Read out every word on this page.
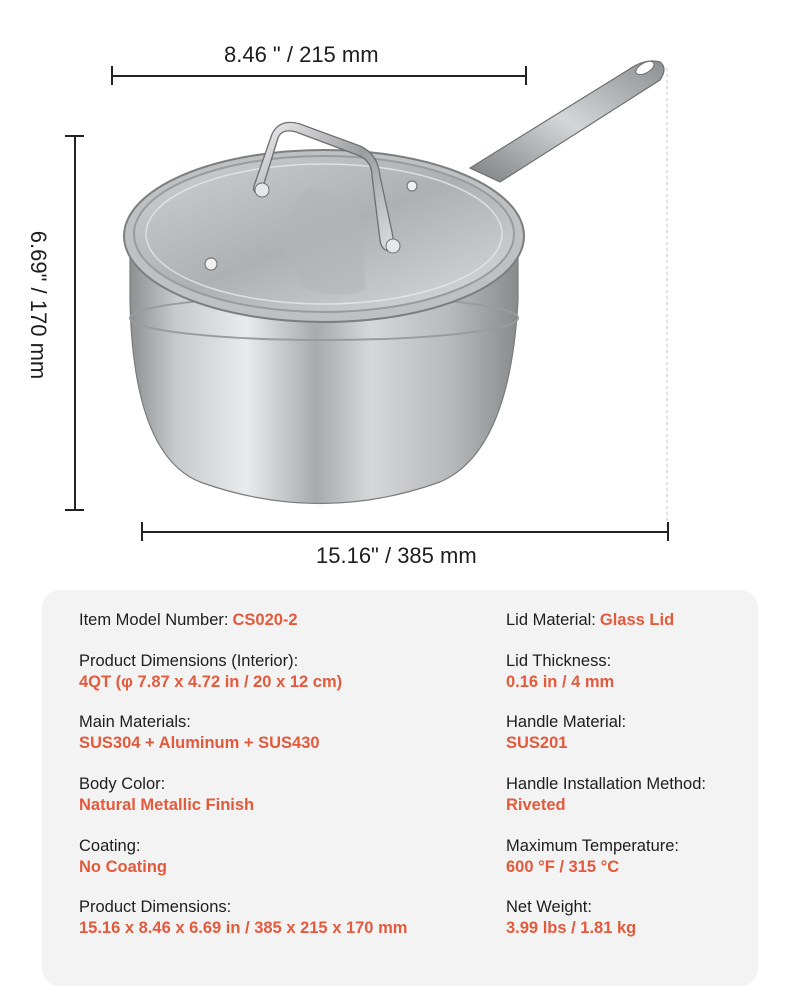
8.46 " / 215 mm
6.69" / 170 mm
15.16" / 385 mm
Item Model Number: CS020-2
Product Dimensions (Interior):
4QT (φ 7.87 x 4.72 in / 20 x 12 cm)
Main Materials:
SUS304 + Aluminum + SUS430
Body Color:
Natural Metallic Finish
Coating:
No Coating
Product Dimensions:
15.16 x 8.46 x 6.69 in / 385 x 215 x 170 mm
Lid Material: Glass Lid
Lid Thickness:
0.16 in / 4 mm
Handle Material:
SUS201
Handle Installation Method:
Riveted
Maximum Temperature:
600 °F / 315 °C
Net Weight:
3.99 lbs / 1.81 kg
